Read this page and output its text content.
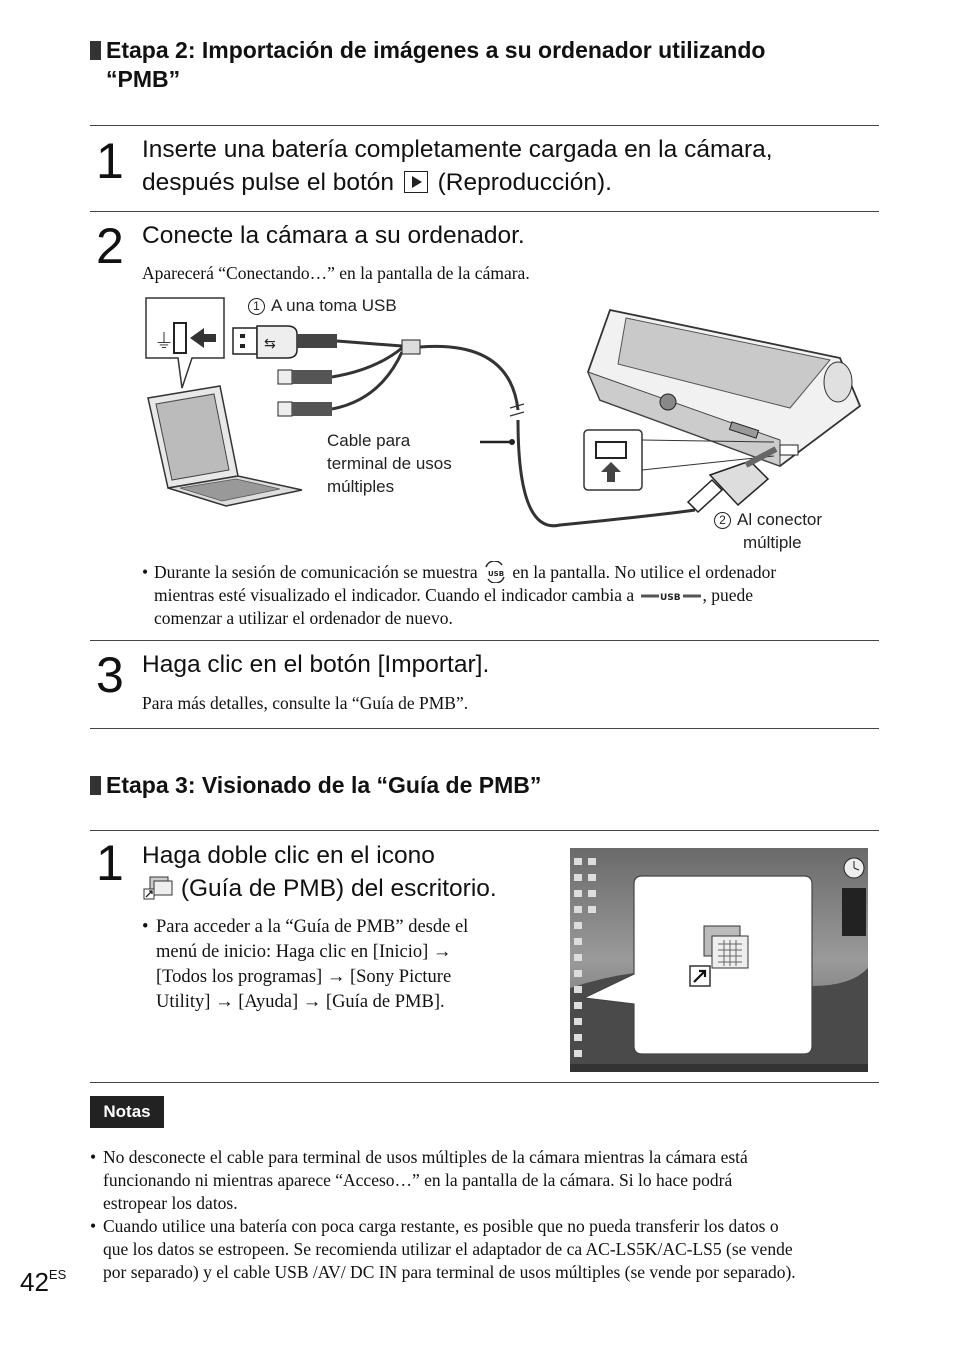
Etapa 2: Importación de imágenes a su ordenador utilizando
“PMB”
1 Inserte una batería completamente cargada en la cámara,
después pulse el botón (Reproducción).
2 Conecte la cámara a su ordenador.
Aparecerá “Conectando…” en la pantalla de la cámara.
⏚	⇆
1 A una toma USB
Cable para
terminal de usos
múltiples
2 Al conector
múltiple
• Durante la sesión de comunicación se muestra USB en la pantalla. No utilice el ordenador
mientras esté visualizado el indicador. Cuando el indicador cambia a	USB , puede
comenzar a utilizar el ordenador de nuevo.
3 Haga clic en el botón [Importar].
Para más detalles, consulte la “Guía de PMB”.
Etapa 3: Visionado de la “Guía de PMB”
1 Haga doble clic en el icono
(Guía de PMB) del escritorio.
• Para acceder a la “Guía de PMB” desde el
menú de inicio: Haga clic en [Inicio] →
[Todos los programas] → [Sony Picture
Utility] → [Ayuda] → [Guía de PMB].
Notas
• No desconecte el cable para terminal de usos múltiples de la cámara mientras la cámara está
funcionando ni mientras aparece “Acceso…” en la pantalla de la cámara. Si lo hace podrá
estropear los datos.
• Cuando utilice una batería con poca carga restante, es posible que no pueda transferir los datos o
que los datos se estropeen. Se recomienda utilizar el adaptador de ca AC-LS5K/AC-LS5 (se vende
por separado) y el cable USB /AV/ DC IN para terminal de usos múltiples (se vende por separado).
$42^{ES}$
